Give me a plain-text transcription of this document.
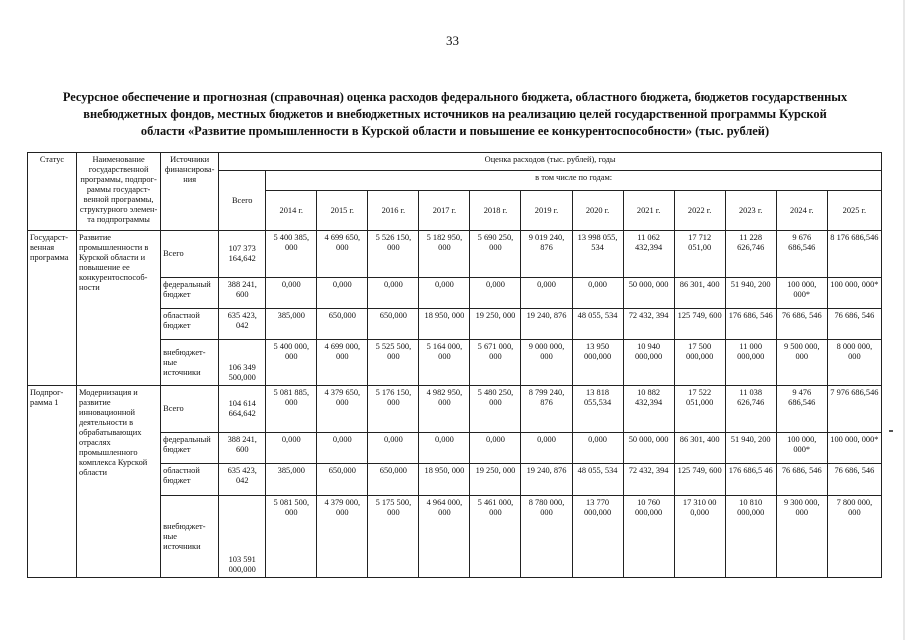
33
Ресурсное обеспечение и прогнозная (справочная) оценка расходов федерального бюджета, областного бюджета, бюджетов государственных внебюджетных фондов, местных бюджетов и внебюджетных источников на реализацию целей государственной программы Курской области «Развитие промышленности в Курской области и повышение ее конкурентоспособности» (тыс. рублей)
Статус	Наименование государственной программы, подпрог- раммы государст- венной программы, структурного элемен- та подпрограммы	Источники финансирова- ния	Оценка расходов (тыс. рублей), годы												
			Всего	в том числе по годам:											
				2014 г.	2015 г.	2016 г.	2017 г.	2018 г.	2019 г.	2020 г.	2021 г.	2022 г.	2023 г.	2024 г.	2025 г.
Государст- венная программа	Развитие промышленности в Курской области и повышение ее конкурентоспособ- ности	Всего	107 373 164,642	5 400 385, 000	4 699 650, 000	5 526 150, 000	5 182 950, 000	5 690 250, 000	9 019 240, 876	13 998 055, 534	11 062 432,394	17 712 051,00	11 228 626,746	9 676 686,546	8 176 686,546
		федеральный бюджет	388 241, 600	0,000	0,000	0,000	0,000	0,000	0,000	0,000	50 000, 000	86 301, 400	51 940, 200	100 000, 000*	100 000, 000*
		областной бюджет	635 423, 042	385,000	650,000	650,000	18 950, 000	19 250, 000	19 240, 876	48 055, 534	72 432, 394	125 749, 600	176 686, 546	76 686, 546	76 686, 546
		внебюджет- ные источники	106 349 500,000	5 400 000, 000	4 699 000, 000	5 525 500, 000	5 164 000, 000	5 671 000, 000	9 000 000, 000	13 950 000,000	10 940 000,000	17 500 000,000	11 000 000,000	9 500 000, 000	8 000 000, 000
Подпрог- рамма 1	Модернизация и развитие инновационной деятельности в обрабатывающих отраслях промышленного комплекса Курской области	Всего	104 614 664,642	5 081 885, 000	4 379 650, 000	5 176 150, 000	4 982 950, 000	5 480 250, 000	8 799 240, 876	13 818 055,534	10 882 432,394	17 522 051,000	11 038 626,746	9 476 686,546	7 976 686,546
		федеральный бюджет	388 241, 600	0,000	0,000	0,000	0,000	0,000	0,000	0,000	50 000, 000	86 301, 400	51 940, 200	100 000, 000*	100 000, 000*
		областной бюджет	635 423, 042	385,000	650,000	650,000	18 950, 000	19 250, 000	19 240, 876	48 055, 534	72 432, 394	125 749, 600	176 686,5 46	76 686, 546	76 686, 546
		внебюджет- ные источники	103 591 000,000	5 081 500, 000	4 379 000, 000	5 175 500, 000	4 964 000, 000	5 461 000, 000	8 780 000, 000	13 770 000,000	10 760 000,000	17 310 00 0,000	10 810 000,000	9 300 000, 000	7 800 000, 000
